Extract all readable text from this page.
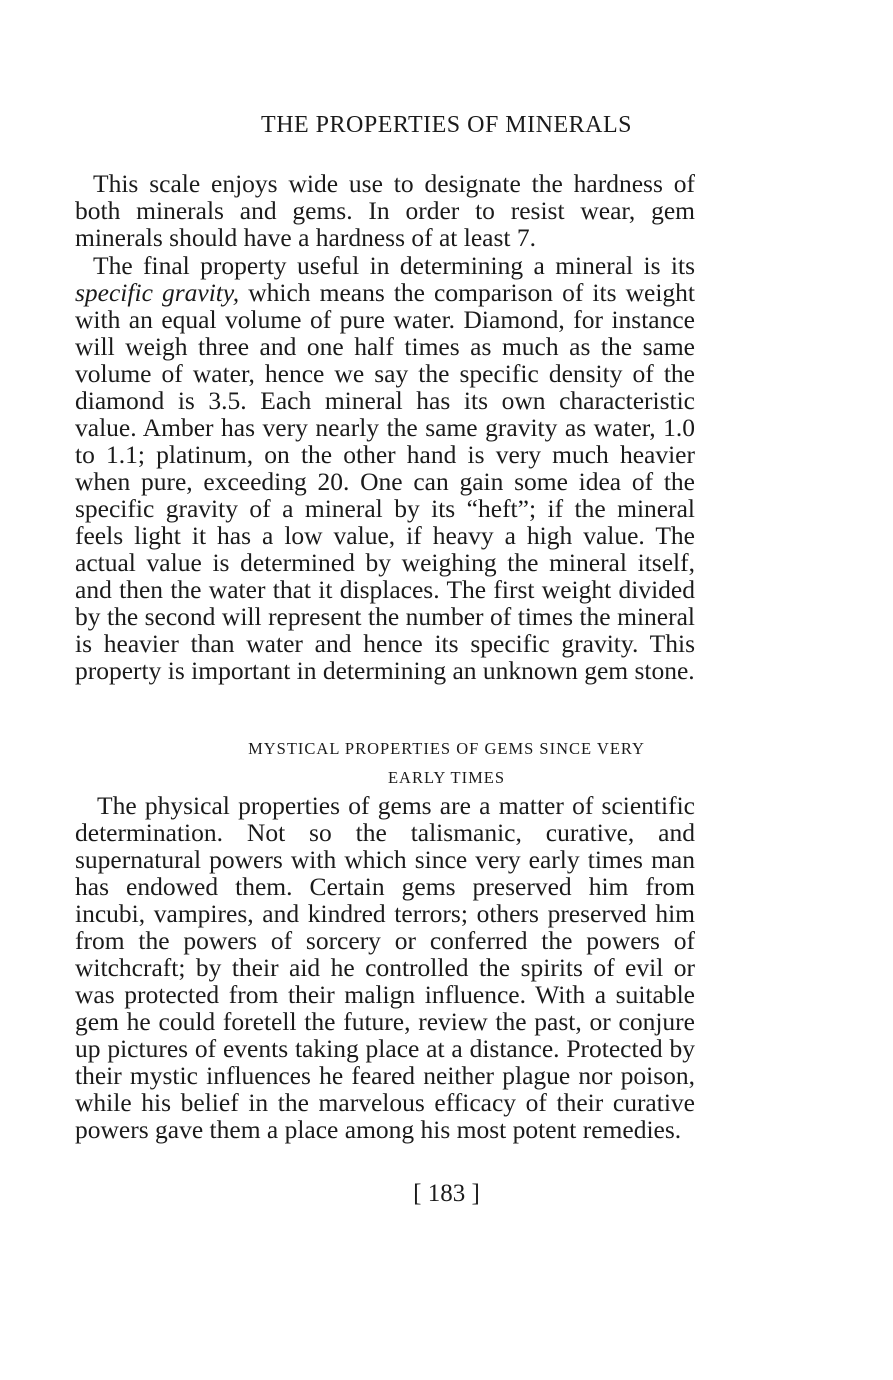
THE PROPERTIES OF MINERALS

This scale enjoys wide use to designate the hardness of both minerals and gems. In order to resist wear, gem minerals should have a hardness of at least 7.

The final property useful in determining a mineral is its specific gravity, which means the comparison of its weight with an equal volume of pure water. Diamond, for instance will weigh three and one half times as much as the same volume of water, hence we say the specific density of the diamond is 3.5. Each mineral has its own characteristic value. Amber has very nearly the same gravity as water, 1.0 to 1.1; platinum, on the other hand is very much heavier when pure, exceeding 20. One can gain some idea of the specific gravity of a mineral by its “heft”; if the mineral feels light it has a low value, if heavy a high value. The actual value is determined by weighing the mineral itself, and then the water that it displaces. The first weight divided by the second will represent the number of times the mineral is heavier than water and hence its specific gravity. This property is important in determining an unknown gem stone.

MYSTICAL PROPERTIES OF GEMS SINCE VERY
EARLY TIMES

The physical properties of gems are a matter of scientific determination. Not so the talismanic, curative, and supernatural powers with which since very early times man has endowed them. Certain gems preserved him from incubi, vampires, and kindred terrors; others preserved him from the powers of sorcery or conferred the powers of witchcraft; by their aid he controlled the spirits of evil or was protected from their malign influence. With a suitable gem he could foretell the future, review the past, or conjure up pictures of events taking place at a distance. Protected by their mystic influences he feared neither plague nor poison, while his belief in the marvelous efficacy of their curative powers gave them a place among his most potent remedies.

[ 183 ]
